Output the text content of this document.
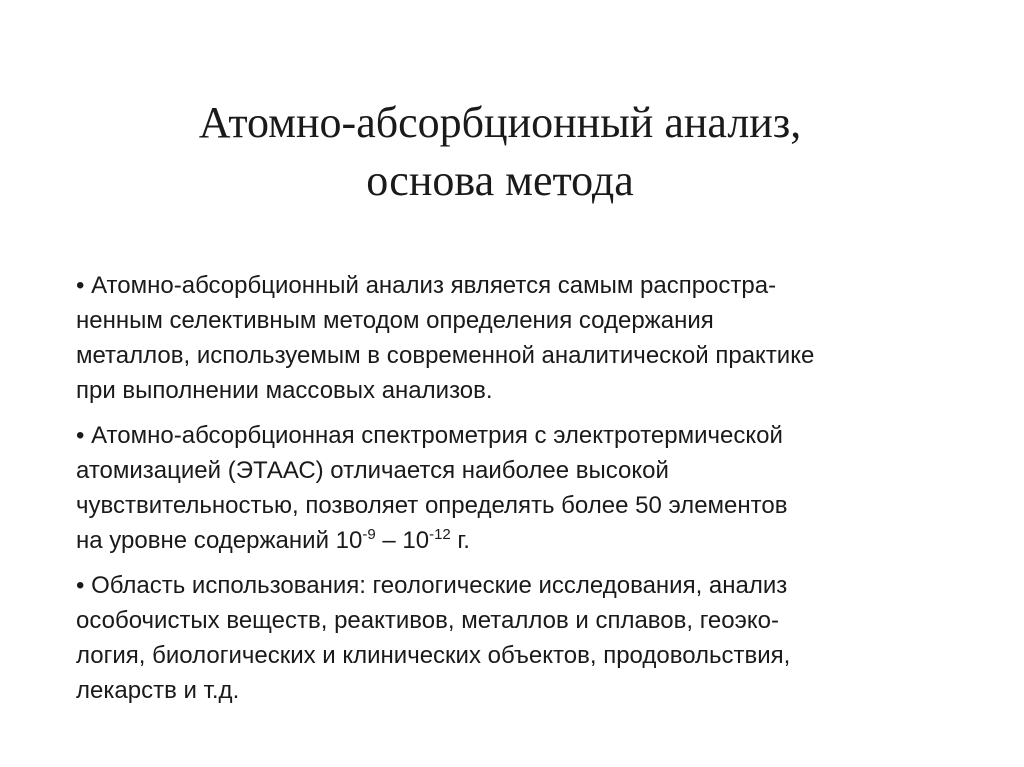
Атомно-абсорбционный анализ,
основа метода

• Атомно-абсорбционный анализ является самым распростра-
ненным селективным методом определения содержания
металлов, используемым в современной аналитической практике
при выполнении массовых анализов.

• Атомно-абсорбционная спектрометрия с электротермической
атомизацией (ЭТААС) отличается наиболее высокой
чувствительностью, позволяет определять более 50 элементов
на уровне содержаний $10^{-9} - 10^{-12}$ г.

• Область использования: геологические исследования, анализ
особочистых веществ, реактивов, металлов и сплавов, геоэко-
логия, биологических и клинических объектов, продовольствия,
лекарств и т.д.
